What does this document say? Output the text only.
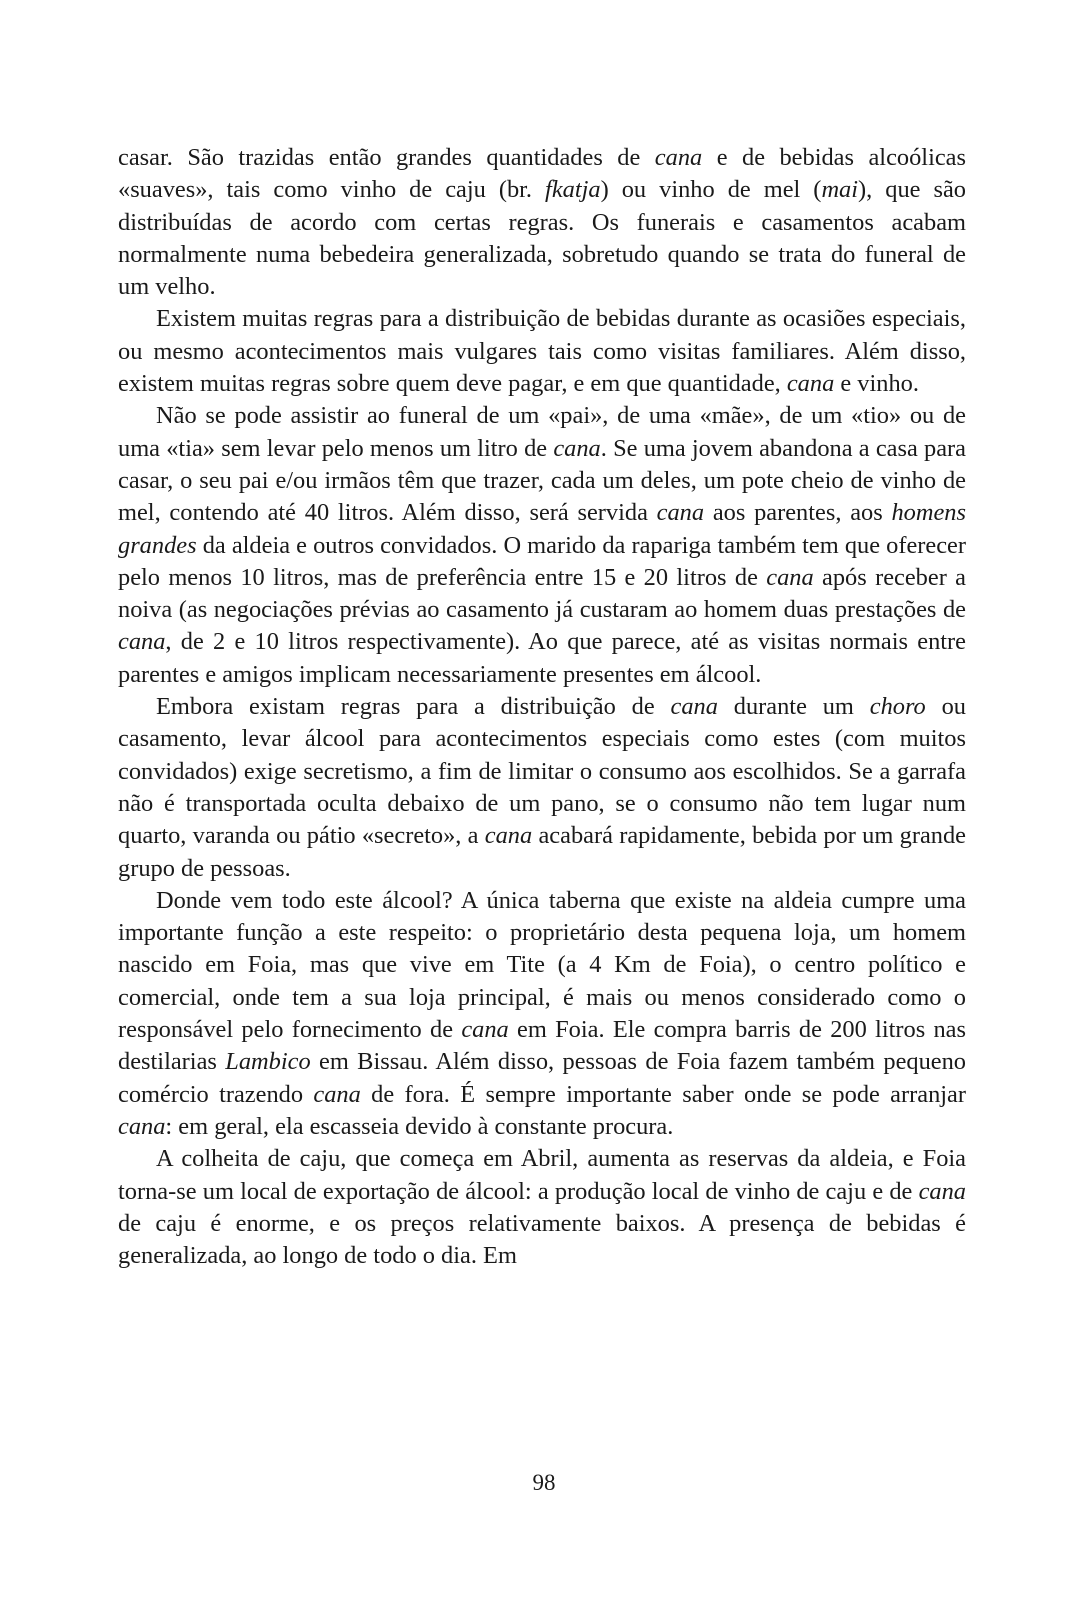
casar. São trazidas então grandes quantidades de cana e de bebidas alcoólicas «suaves», tais como vinho de caju (br. fkatja) ou vinho de mel (mai), que são distribuídas de acordo com certas regras. Os funerais e casamentos acabam normalmente numa bebedeira generalizada, sobretudo quando se trata do funeral de um velho.

Existem muitas regras para a distribuição de bebidas durante as ocasiões especiais, ou mesmo acontecimentos mais vulgares tais como visitas familiares. Além disso, existem muitas regras sobre quem deve pagar, e em que quantidade, cana e vinho.

Não se pode assistir ao funeral de um «pai», de uma «mãe», de um «tio» ou de uma «tia» sem levar pelo menos um litro de cana. Se uma jovem abandona a casa para casar, o seu pai e/ou irmãos têm que trazer, cada um deles, um pote cheio de vinho de mel, contendo até 40 litros. Além disso, será servida cana aos parentes, aos homens grandes da aldeia e outros convidados. O marido da rapariga também tem que oferecer pelo menos 10 litros, mas de preferência entre 15 e 20 litros de cana após receber a noiva (as negociações prévias ao casamento já custaram ao homem duas prestações de cana, de 2 e 10 litros respectivamente). Ao que parece, até as visitas normais entre parentes e amigos implicam necessariamente presentes em álcool.

Embora existam regras para a distribuição de cana durante um choro ou casamento, levar álcool para acontecimentos especiais como estes (com muitos convidados) exige secretismo, a fim de limitar o consumo aos escolhidos. Se a garrafa não é transportada oculta debaixo de um pano, se o consumo não tem lugar num quarto, varanda ou pátio «secreto», a cana acabará rapidamente, bebida por um grande grupo de pessoas.

Donde vem todo este álcool? A única taberna que existe na aldeia cumpre uma importante função a este respeito: o proprietário desta pequena loja, um homem nascido em Foia, mas que vive em Tite (a 4 Km de Foia), o centro político e comercial, onde tem a sua loja principal, é mais ou menos considerado como o responsável pelo fornecimento de cana em Foia. Ele compra barris de 200 litros nas destilarias Lambico em Bissau. Além disso, pessoas de Foia fazem também pequeno comércio trazendo cana de fora. É sempre importante saber onde se pode arranjar cana: em geral, ela escasseia devido à constante procura.

A colheita de caju, que começa em Abril, aumenta as reservas da aldeia, e Foia torna-se um local de exportação de álcool: a produção local de vinho de caju e de cana de caju é enorme, e os preços relativamente baixos. A presença de bebidas é generalizada, ao longo de todo o dia. Em

98
